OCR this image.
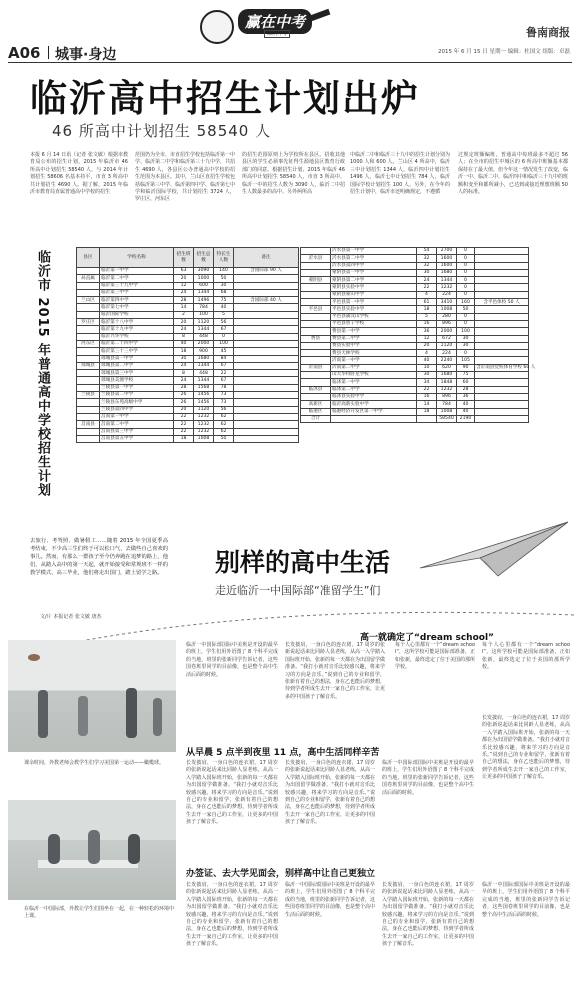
A06 城事·身边
赢在中考
知识 | 中考	鲁南商报
2015 年 6 月 15 日 星期一 编辑：杜国文 组版：卓磊
临沂高中招生计划出炉
46 所高中计划招生 58540 人
本报 6 月 14 日讯（记者 张文敏）根据市教育局公布的招生计划，2015 年临沂市 46 所高中计划招生 58540 人，与 2014 年计划招生 58606 名基本持平，市直 3 所高中共计划招生 4690 人。据了解，2015 年临沂市教育局直属普通高中学校的招生
范围仍为全市，市直招生学校包括临沂第一中学、临沂第二中学和临沂第三十九中学，共招生 4690 人，各县区公办普通高中学校的招生范围为本县区。其中，兰山区直招生学校包括临沂第三中学、临沂第四中学、临沂第七中学和临沂国际学校，共计划招生 3724 人，罗庄区、河东区
的招生范围原则上为学校所在县区。招收其他县区的学生必须事先征得生源地县区教育行政部门的同意。根据招生计划，2015 年临沂 46 所高中计划招生 58540 人，市直 3 所高中、临沂一中的招生人数为 3090 人，临沂二中招生人数最多的高中。另外两所高
中临沂二中和临沂三十九中的招生计划分别为 1000 人和 600 人。兰山区 4 所高中，临沂三中计划招生 1344 人，临沂四中计划招生 1496 人，临沂七中计划招生 784 人，临沂国际学校计划招生 100 人。另外，在今年的招生计划中，临沂市还明确规定，不遵循
过规定班额编班，普通高中每班最多不超过 56 人；在全市的招生中城区的 6 所高中班额基本都保持在了最大值，但今年这一情况发生了改变，临沂一中、临沂二中、临沂四中和临沂三十九中的班额积变至和都所减小，已达到或接近理想班额 50 人的标准。
临沂市 2015 年普通高中学校招生计划	县区	学校名称	招生班数	招生总数	特长生人数	备注
	临沂第一中学	63	3090	140	含国际部 90 人
局直属	临沂第二中学	20	1000	50	
	临沂第三十九中学	12	600	30	
	临沂第三中学	24	1344	68	
兰山区	临沂第四中学	28	1496	75	含国际部 40 人
	临沂第七中学	14	784	40	
	临沂国际学校	2	100	5	
罗庄区	临沂第十八中学	20	1120	56	
	临沂第十九中学	24	1344	67	
	临沂兴华学校	8	448	0	
河东区	临沂第二十四中学	40	2000	100	
	临沂第三十三中学	18	900	45	
	郯城县第一中学	30	1680	84	
郯城县	郯城县第二中学	24	1344	67	
	郯城县第三中学	8	448	22	
	郯城县美澳学校	24	1344	67	
	兰陵县第一中学	28	1568	78	
兰陵县	兰陵县第二中学	26	1456	73	
	兰陵县东苑高级中学	26	1456	73	
	兰陵县第四中学	20	1120	56	
	莒南第一中学	22	1232	62	
莒南县	莒南第二中学	22	1232	62	
	莒南县第三中学	22	1232	62	
	莒南县第五中学	18	1008	50	
	沂水县第一中学	54	2700	0	
沂水县	沂水县第二中学	32	1600	0	
	沂水县第四中学	32	1600	0	
	蒙阴县第一中学	30	1680	0	
蒙阴县	蒙阴县第二中学	24	1344	0	
	蒙阴县实验中学	22	1232	0	
	蒙阴县蒙山中学	4	224	0	
	平邑县第一中学	61	3410	160	含平邑体校 50 人
平邑县	平邑县实验中学	18	1008	50	
	平邑县蒲汶山学校	5	280	0	
	平邑县曾子学校	16	896	0	
	费县第一中学	36	2000	100	
费县	费县第二中学	12	672	30	
	费县实验中学	20	1120	30	
	费县天林学校	4	224	0	
	沂南第一中学	40	2240	105	
沂南县	沂南第二中学	10	620	90	含沂南县党校体育学校 60 人
	山大华特卧龙学校	30	1680	75	
	临沭第一中学	34	1848	60	
临沭县	临沭第二中学	22	1232	28	
	临沭县实验中学	16	896	36	
高新区	临沂高新实验中学	14	784	40	
临港区	临港经济开发区第一中学	18	1008	40	
合计			58540	2190	
去旅行、考驾照、做暑假工……随着 2015 年全国夏季高考结束，不少高三生们终于可以松口气，去做些自己喜欢的事儿。然而，有那么一群孩子至今仍奔跑在追梦的路上，他们，从踏入高中的第一天起，就开始接受和常规班不一样的教学模式，高三毕业，他们将走出国门，踏上留学之路。
文/片 本报记者 张文敏 唐杰
别样的高中生活
走近临沂一中国际部“准留学生”们
高一就确定了“dream school”
课余时间，外教老师会教学生们学习美国第一运动——橄榄球。
在临沂一中国际部，外教让学生们围坐在一起，在一种轻松的环境中上课。
临沂一中国际部国际中美班是开设的最早的班上，学生们用外语图了 8 个科平完成的当地，班里的张新同学告诉记者，这些国卷班里同学的目前像，也是整个高中生活后面的时候。
长发披肩，一身白色的连衣裙，17 周岁的张新说起话来比同龄人显老练，从高一入学踏入国际班开始，张新的每一天都在为出国留学做准备。“我打小就对音乐比较感兴趣，将来学习的方向是音乐。”说到自己的专业和留学，张新有着自己的想法，身在乙也能后的梦想，待到学者所成生去开一家自己的工作室，让更多的中国孩子了解音乐。
每个人心里都有一个“dream school”，这所学校可能是国际部准备，正如张新，最终选定了位于美国的那所学校。
每个人心里都有一个“dream school”，这所学校可能是国际部准备，正如张新，最终选定了位于美国的那所学校。
从早晨 5 点半到夜里 11 点，高中生活同样辛苦
长发披肩，一身白色的连衣裙，17 周岁的张新说起话来比同龄人显老练，从高一入学踏入国际班开始，张新的每一天都在为出国留学做准备。“我打小就对音乐比较感兴趣，将来学习的方向是音乐。”说到自己的专业和留学，张新有着自己的想法，身在乙也能后的梦想，待到学者所成生去开一家自己的工作室，让更多的中国孩子了解音乐。
长发披肩，一身白色的连衣裙，17 周岁的张新说起话来比同龄人显老练，从高一入学踏入国际班开始，张新的每一天都在为出国留学做准备。“我打小就对音乐比较感兴趣，将来学习的方向是音乐。”说到自己的专业和留学，张新有着自己的想法，身在乙也能后的梦想，待到学者所成生去开一家自己的工作室，让更多的中国孩子了解音乐。
临沂一中国际部国际中美班是开设的最早的班上，学生们用外语图了 8 个科平完成的当地，班里的张新同学告诉记者，这些国卷班里同学的目前像，也是整个高中生活后面的时候。
长发披肩，一身白色的连衣裙，17 周岁的张新说起话来比同龄人显老练，从高一入学踏入国际班开始，张新的每一天都在为出国留学做准备。“我打小就对音乐比较感兴趣，将来学习的方向是音乐。”说到自己的专业和留学，张新有着自己的想法，身在乙也能后的梦想，待到学者所成生去开一家自己的工作室，让更多的中国孩子了解音乐。
办签证、去大学见面会，别样高中让自己更独立
长发披肩，一身白色的连衣裙，17 周岁的张新说起话来比同龄人显老练，从高一入学踏入国际班开始，张新的每一天都在为出国留学做准备。“我打小就对音乐比较感兴趣，将来学习的方向是音乐。”说到自己的专业和留学，张新有着自己的想法，身在乙也能后的梦想，待到学者所成生去开一家自己的工作室，让更多的中国孩子了解音乐。
临沂一中国际部国际中美班是开设的最早的班上，学生们用外语图了 8 个科平完成的当地，班里的张新同学告诉记者，这些国卷班里同学的目前像，也是整个高中生活后面的时候。
长发披肩，一身白色的连衣裙，17 周岁的张新说起话来比同龄人显老练，从高一入学踏入国际班开始，张新的每一天都在为出国留学做准备。“我打小就对音乐比较感兴趣，将来学习的方向是音乐。”说到自己的专业和留学，张新有着自己的想法，身在乙也能后的梦想，待到学者所成生去开一家自己的工作室，让更多的中国孩子了解音乐。
临沂一中国际部国际中美班是开设的最早的班上，学生们用外语图了 8 个科平完成的当地，班里的张新同学告诉记者，这些国卷班里同学的目前像，也是整个高中生活后面的时候。
